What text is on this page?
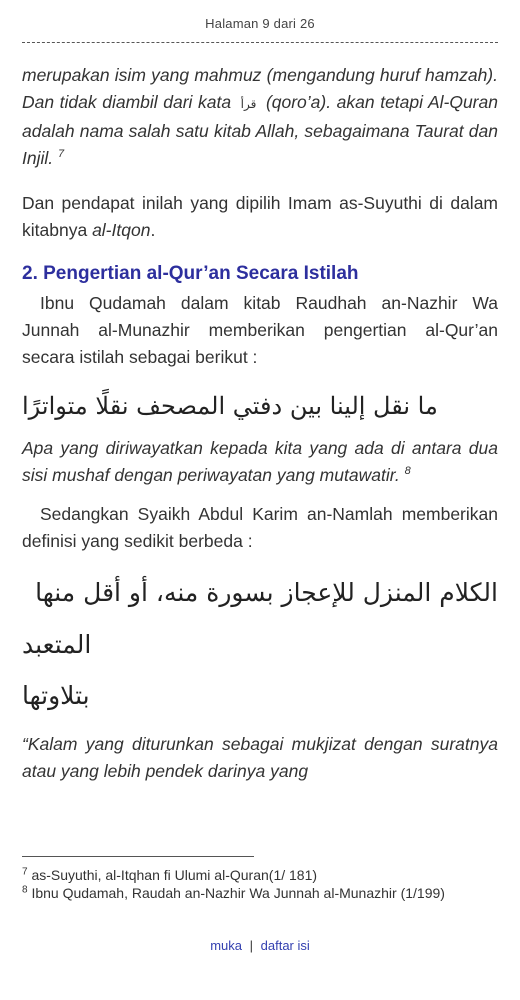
Halaman 9 dari 26

merupakan isim yang mahmuz (mengandung huruf hamzah). Dan tidak diambil dari kata قرأ (qoro’a). akan tetapi Al-Quran adalah nama salah satu kitab Allah, sebagaimana Taurat dan Injil. $^7$

Dan pendapat inilah yang dipilih Imam as-Suyuthi di dalam kitabnya al-Itqon.

2. Pengertian al-Qur’an Secara Istilah

Ibnu Qudamah dalam kitab Raudhah an-Nazhir Wa Junnah al-Munazhir memberikan pengertian al-Qur’an secara istilah sebagai berikut :

ما نقل إلينا بين دفتي المصحف نقلًا متواترًا

Apa yang diriwayatkan kepada kita yang ada di antara dua sisi mushaf dengan periwayatan yang mutawatir. $^8$

Sedangkan Syaikh Abdul Karim an-Namlah memberikan definisi yang sedikit berbeda :

الكلام المنزل للإعجاز بسورة منه، أو أقل منها المتعبد

بتلاوتها

“Kalam yang diturunkan sebagai mukjizat dengan suratnya atau yang lebih pendek darinya yang

$^7$ as-Suyuthi, al-Itqhan fi Ulumi al-Quran(1/ 181)
$^8$ Ibnu Qudamah, Raudah an-Nazhir Wa Junnah al-Munazhir (1/199)
muka | daftar isi
